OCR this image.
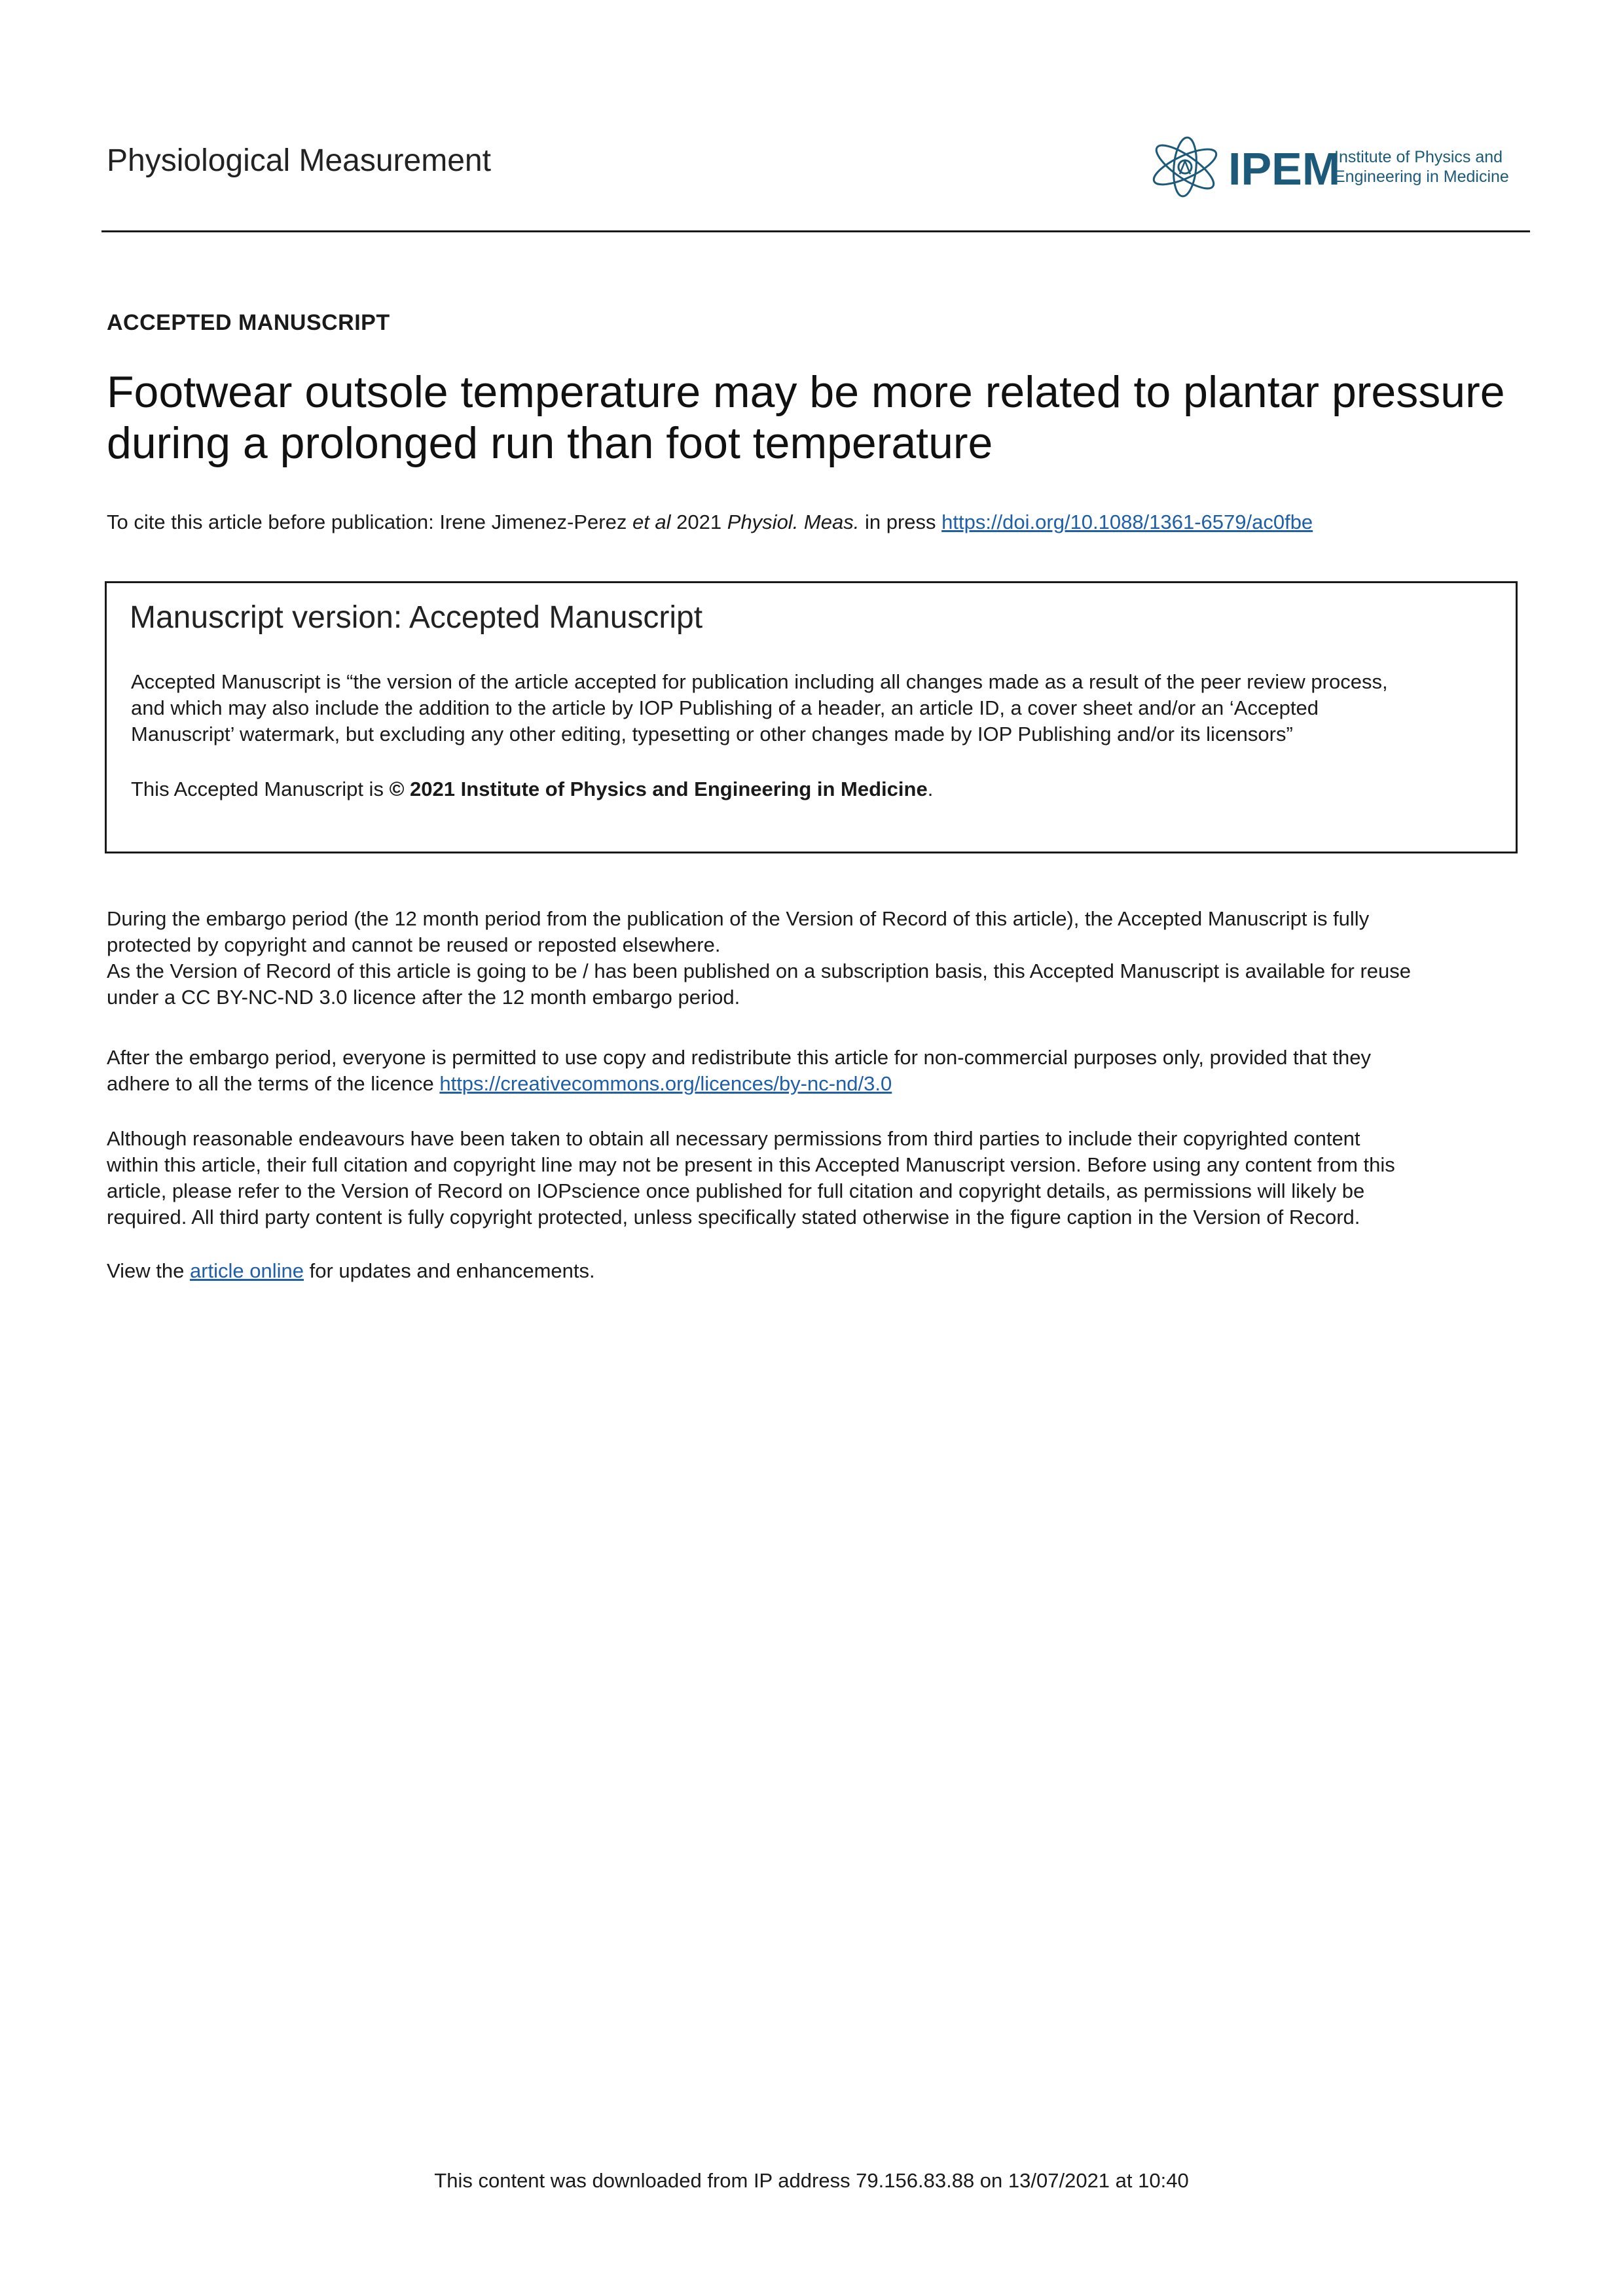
Physiological Measurement	IPEM
Institute of Physics and
Engineering in Medicine
ACCEPTED MANUSCRIPT
Footwear outsole temperature may be more related to plantar pressure
during a prolonged run than foot temperature
To cite this article before publication: Irene Jimenez-Perez et al 2021 Physiol. Meas. in press https://doi.org/10.1088/1361-6579/ac0fbe
Manuscript version: Accepted Manuscript
Accepted Manuscript is “the version of the article accepted for publication including all changes made as a result of the peer review process,
and which may also include the addition to the article by IOP Publishing of a header, an article ID, a cover sheet and/or an ‘Accepted
Manuscript’ watermark, but excluding any other editing, typesetting or other changes made by IOP Publishing and/or its licensors”
This Accepted Manuscript is © 2021 Institute of Physics and Engineering in Medicine.
During the embargo period (the 12 month period from the publication of the Version of Record of this article), the Accepted Manuscript is fully
protected by copyright and cannot be reused or reposted elsewhere.
As the Version of Record of this article is going to be / has been published on a subscription basis, this Accepted Manuscript is available for reuse
under a CC BY-NC-ND 3.0 licence after the 12 month embargo period.
After the embargo period, everyone is permitted to use copy and redistribute this article for non-commercial purposes only, provided that they
adhere to all the terms of the licence https://creativecommons.org/licences/by-nc-nd/3.0
Although reasonable endeavours have been taken to obtain all necessary permissions from third parties to include their copyrighted content
within this article, their full citation and copyright line may not be present in this Accepted Manuscript version. Before using any content from this
article, please refer to the Version of Record on IOPscience once published for full citation and copyright details, as permissions will likely be
required. All third party content is fully copyright protected, unless specifically stated otherwise in the figure caption in the Version of Record.
View the article online for updates and enhancements.
This content was downloaded from IP address 79.156.83.88 on 13/07/2021 at 10:40
